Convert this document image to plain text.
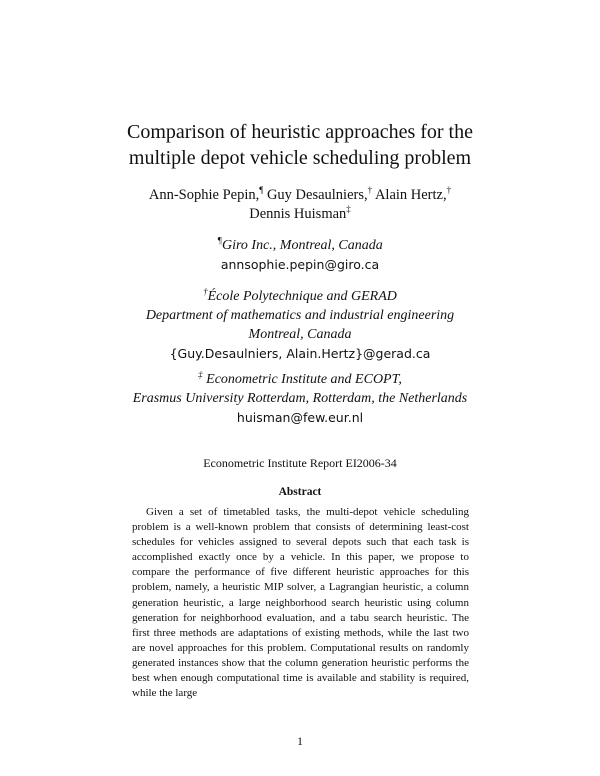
Comparison of heuristic approaches for the
multiple depot vehicle scheduling problem
Ann-Sophie Pepin,¶ Guy Desaulniers,† Alain Hertz,†
Dennis Huisman‡
¶Giro Inc., Montreal, Canada
annsophie.pepin@giro.ca
†École Polytechnique and GERAD
Department of mathematics and industrial engineering
Montreal, Canada
{Guy.Desaulniers, Alain.Hertz}@gerad.ca
‡ Econometric Institute and ECOPT,
Erasmus University Rotterdam, Rotterdam, the Netherlands
huisman@few.eur.nl
Econometric Institute Report EI2006-34
Abstract

Given a set of timetabled tasks, the multi-depot vehicle scheduling problem is a well-known problem that consists of determining least-cost schedules for vehicles assigned to several depots such that each task is accomplished exactly once by a vehicle. In this paper, we propose to compare the performance of five different heuristic approaches for this problem, namely, a heuristic MIP solver, a Lagrangian heuristic, a column generation heuristic, a large neighborhood search heuristic using column generation for neighborhood evaluation, and a tabu search heuristic. The first three methods are adaptations of existing methods, while the last two are novel approaches for this problem. Computational results on randomly generated instances show that the column generation heuristic performs the best when enough computational time is available and stability is required, while the large

1
